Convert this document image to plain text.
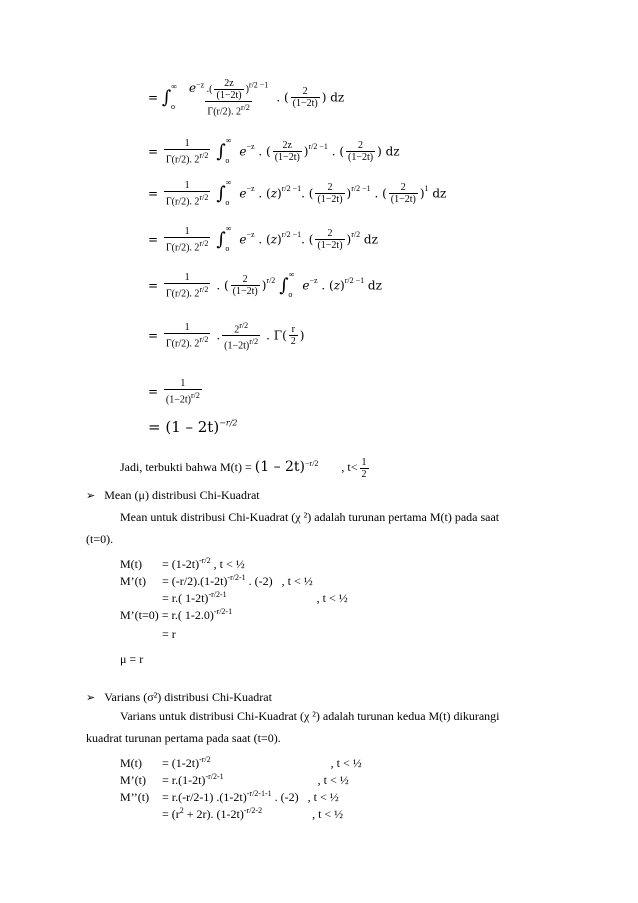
= $\int^\infty_o \frac{e^{-z} .( \frac{2z}{(1-2t)} )^{r/2 -1}}{\Gamma(r/2). 2^{r/2}}$ . ( $\frac{2}{(1-2t)}$ ) dz
= $\frac{1}{\Gamma(r/2). 2^{r/2}} \int^\infty_o$ $e^{-z}$ . ( $\frac{2z}{(1-2t)} )^{r/2 -1}$ . ( $\frac{2}{(1-2t)}$ ) dz
= $\frac{1}{\Gamma(r/2). 2^{r/2}} \int^\infty_o$ $e^{-z}$ . $(z)^{r/2 -1}$. ( $\frac{2}{(1-2t)} )^{r/2 -1}$ . ( $\frac{2}{(1-2t)} )^1$ dz
= $\frac{1}{\Gamma(r/2). 2^{r/2}} \int^\infty_o$ $e^{-z}$ . $(z)^{r/2 -1}$. ( $\frac{2}{(1-2t)} )^{r/2}$ dz
= $\frac{1}{\Gamma(r/2). 2^{r/2}}$ . ( $\frac{2}{(1-2t)} )^{r/2}$ $\int^\infty_o$ $e^{-z}$ . $(z)^{r/2 -1}$ dz
= $\frac{1}{\Gamma(r/2). 2^{r/2}}$ . $\frac{2^{r/2}}{(1-2t)^{r/2}}$ . $\Gamma( \frac{r}{2}$ )
= $\frac{1}{(1-2t)^{r/2}}$
= (1 – 2t)$^{-r/2}$
Jadi, terbukti bahwa M(t) = (1 – 2t)$^{-r/2}$ , $t< \frac{1}{2}$
➢ Mean (μ) distribusi Chi-Kuadrat
Mean untuk distribusi Chi-Kuadrat (χ ²) adalah turunan pertama M(t) pada saat
(t=0).
$M(t) = (1-2t)^{-r/2}$ , t < ½
M’(t) = $(-r/2).(1-2t)^{-r/2-1}$ . (-2)   , t < ½
= r.( 1-2t)$^{-r/2-1}$	, t < ½
M’(t=0) = r.( 1-2.0)$^{-r/2-1}$
= r
μ = r
➢ Varians (σ²) distribusi Chi-Kuadrat
Varians untuk distribusi Chi-Kuadrat (χ ²) adalah turunan kedua M(t) dikurangi
kuadrat turunan pertama pada saat (t=0).
$M(t) = (1-2t)^{-r/2}$	, t < ½
M’(t) = $r.(1-2t)^{-r/2-1}$	, t < ½
M’’(t) = r.(-r/2-1) $.(1-2t)^{-r/2-1-1}$ . (-2)   , t < ½
= $(r^2 + 2r)$. $(1-2t)^{-r/2-2}$	, t < ½
